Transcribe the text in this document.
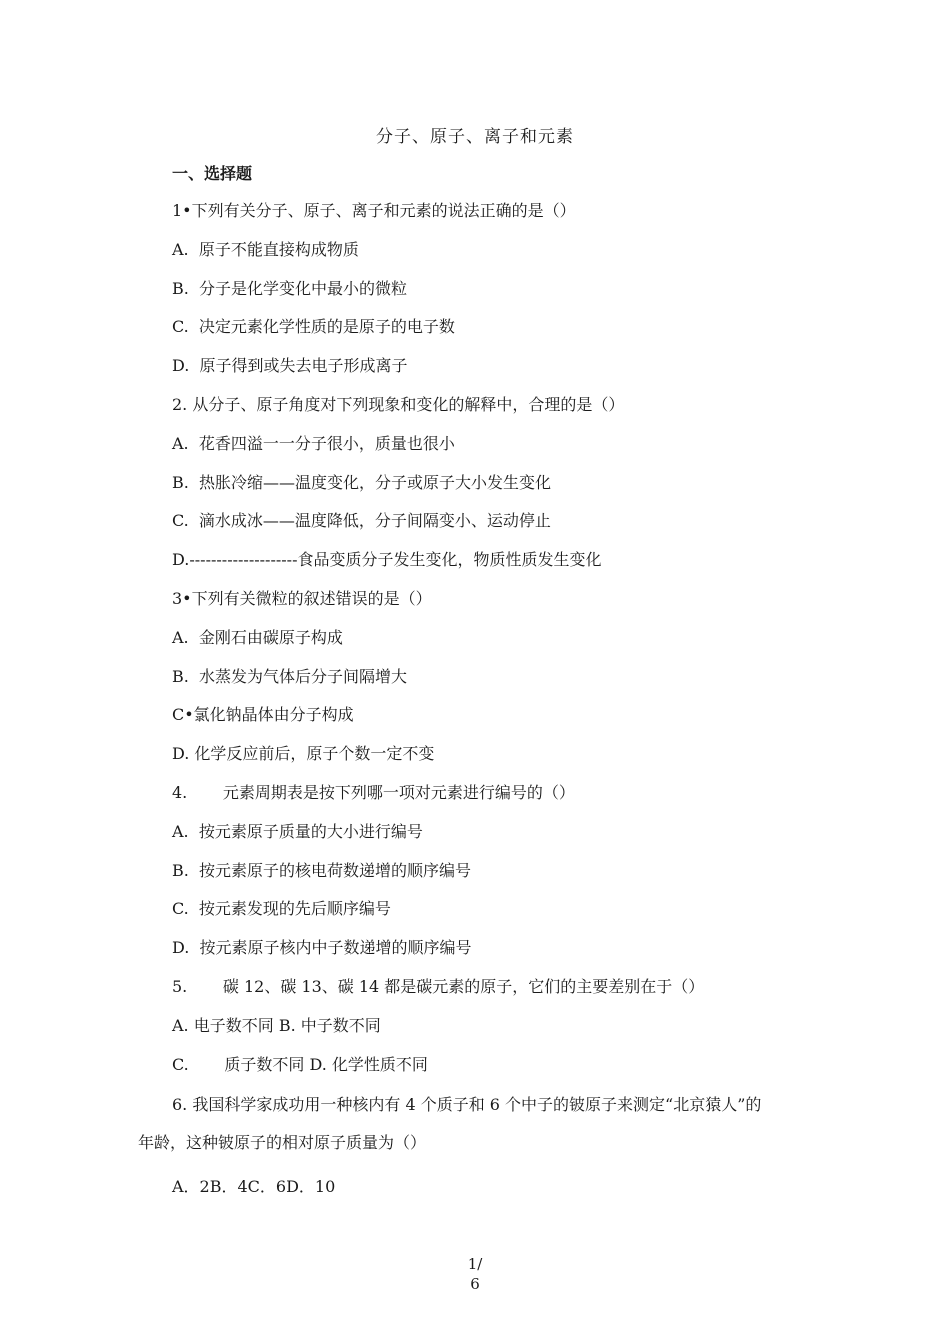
分子、原子、离子和元素
一、选择题
1•下列有关分子、原子、离子和元素的说法正确的是（）
A.  原子不能直接构成物质
B.  分子是化学变化中最小的微粒
C.  决定元素化学性质的是原子的电子数
D.  原子得到或失去电子形成离子
2. 从分子、原子角度对下列现象和变化的解释中，合理的是（）
A.  花香四溢一一分子很小，质量也很小
B.  热胀冷缩——温度变化，分子或原子大小发生变化
C.  滴水成冰——温度降低，分子间隔变小、运动停止
D.--------------------食品变质分子发生变化，物质性质发生变化
3•下列有关微粒的叙述错误的是（）
A.  金刚石由碳原子构成
B.  水蒸发为气体后分子间隔增大
C•氯化钠晶体由分子构成
D. 化学反应前后，原子个数一定不变
4.       元素周期表是按下列哪一项对元素进行编号的（）
A.  按元素原子质量的大小进行编号
B.  按元素原子的核电荷数递增的顺序编号
C.  按元素发现的先后顺序编号
D.  按元素原子核内中子数递增的顺序编号
5.       碳 12、碳 13、碳 14 都是碳元素的原子，它们的主要差别在于（）
A. 电子数不同 B. 中子数不同
C.       质子数不同 D. 化学性质不同
6. 我国科学家成功用一种核内有 4 个质子和 6 个中子的铍原子来测定“北京猿人”的
年龄，这种铍原子的相对原子质量为（）
A．2B．4C．6D．10
1/
6
